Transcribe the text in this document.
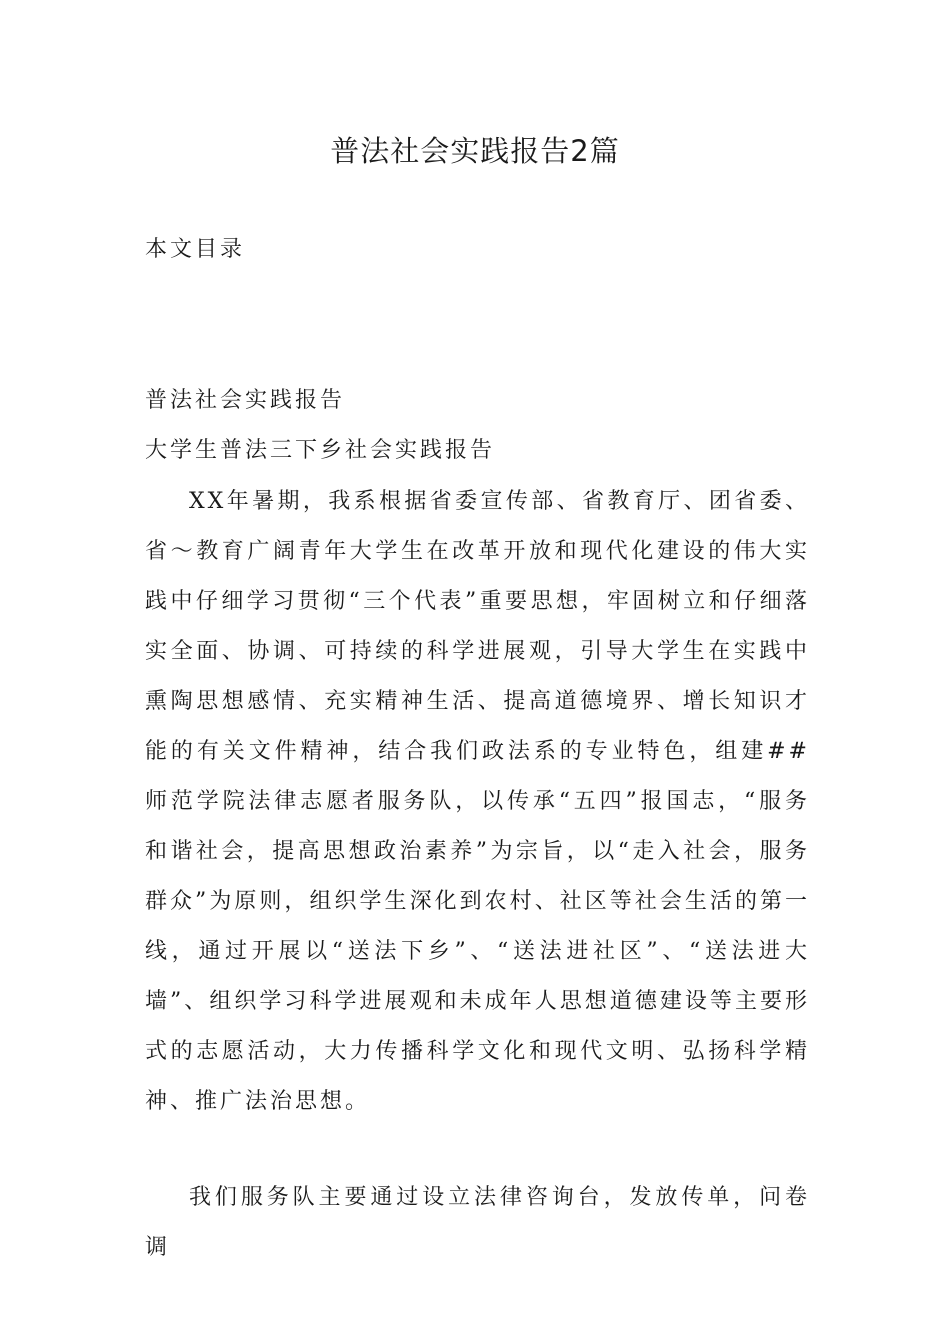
普法社会实践报告2篇
本文目录
普法社会实践报告
大学生普法三下乡社会实践报告

XX年暑期，我系根据省委宣传部、省教育厅、团省委、省～教育广阔青年大学生在改革开放和现代化建设的伟大实践中仔细学习贯彻“三个代表”重要思想，牢固树立和仔细落实全面、协调、可持续的科学进展观，引导大学生在实践中熏陶思想感情、充实精神生活、提高道德境界、增长知识才能的有关文件精神，结合我们政法系的专业特色，组建##师范学院法律志愿者服务队，以传承“五四”报国志，“服务和谐社会，提高思想政治素养”为宗旨，以“走入社会，服务群众”为原则，组织学生深化到农村、社区等社会生活的第一线，通过开展以“送法下乡”、“送法进社区”、“送法进大墙”、组织学习科学进展观和未成年人思想道德建设等主要形式的志愿活动，大力传播科学文化和现代文明、弘扬科学精神、推广法治思想。

我们服务队主要通过设立法律咨询台，发放传单，问卷调
